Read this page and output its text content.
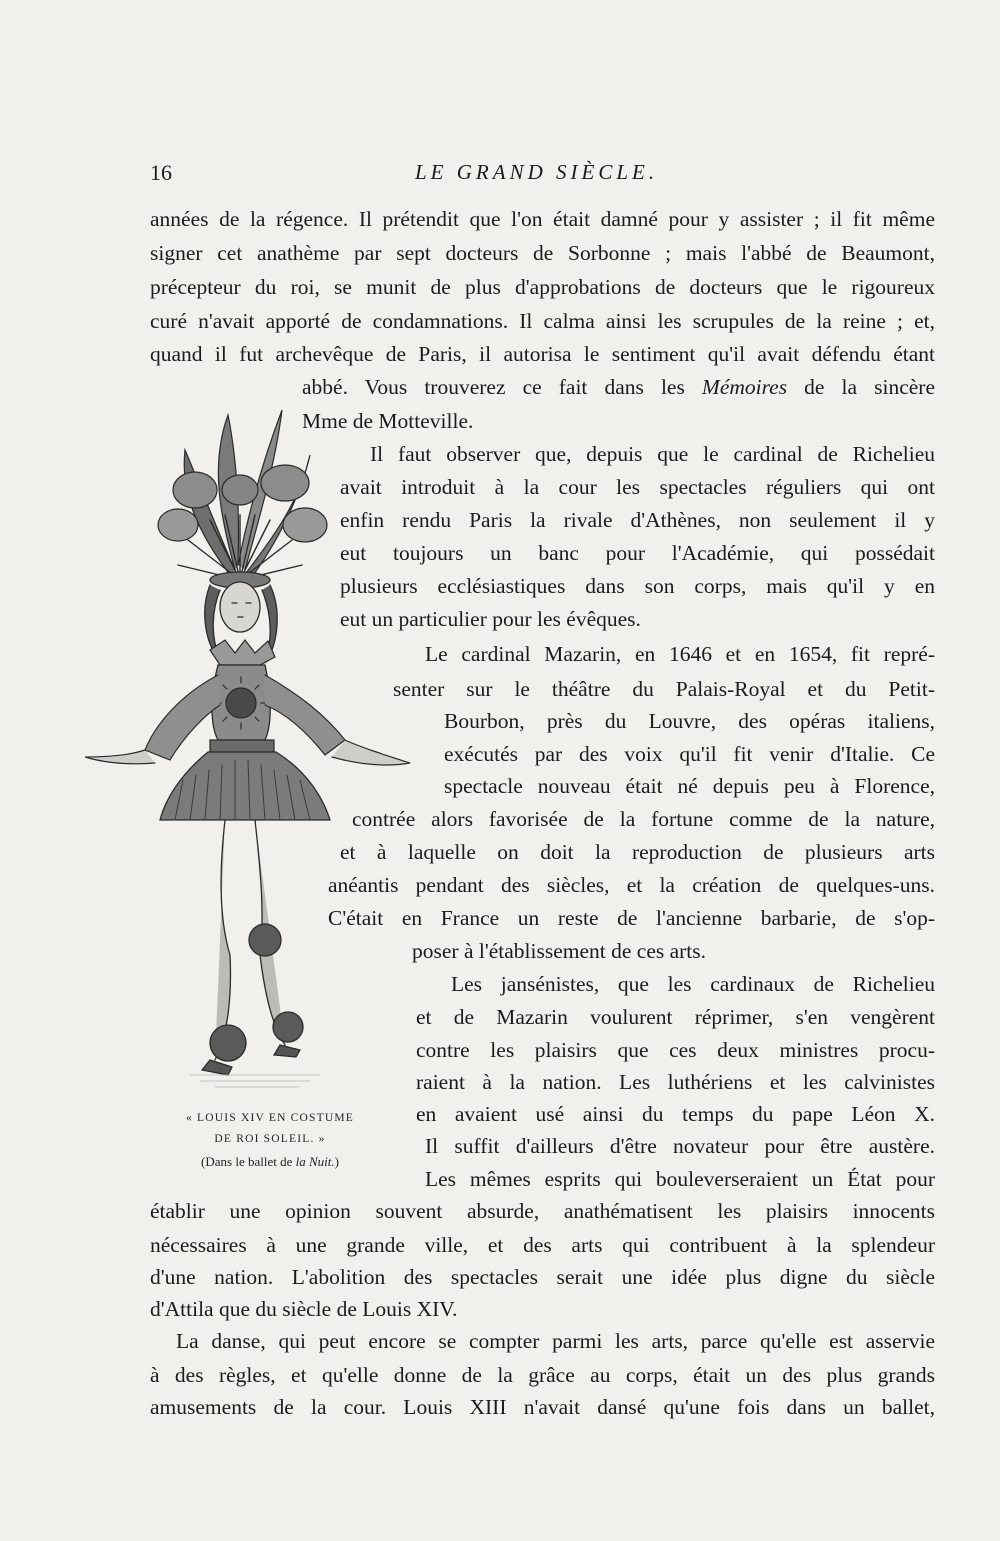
16	LE GRAND SIÈCLE.
années de la régence. Il prétendit que l'on était damné pour y assister ; il fit même
signer cet anathème par sept docteurs de Sorbonne ; mais l'abbé de Beaumont,
précepteur du roi, se munit de plus d'approbations de docteurs que le rigoureux
curé n'avait apporté de condamnations. Il calma ainsi les scrupules de la reine ; et,
quand il fut archevêque de Paris, il autorisa le sentiment qu'il avait défendu étant
abbé. Vous trouverez ce fait dans les Mémoires de la sincère
Mme de Motteville.
Il faut observer que, depuis que le cardinal de Richelieu
avait introduit à la cour les spectacles réguliers qui ont
enfin rendu Paris la rivale d'Athènes, non seulement il y
eut toujours un banc pour l'Académie, qui possédait
plusieurs ecclésiastiques dans son corps, mais qu'il y en
eut un particulier pour les évêques.
Le cardinal Mazarin, en 1646 et en 1654, fit repré-
senter sur le théâtre du Palais-Royal et du Petit-
Bourbon, près du Louvre, des opéras italiens,
exécutés par des voix qu'il fit venir d'Italie. Ce
spectacle nouveau était né depuis peu à Florence,
contrée alors favorisée de la fortune comme de la nature,
et à laquelle on doit la reproduction de plusieurs arts
anéantis pendant des siècles, et la création de quelques-uns.
C'était en France un reste de l'ancienne barbarie, de s'op-
poser à l'établissement de ces arts.
Les jansénistes, que les cardinaux de Richelieu
et de Mazarin voulurent réprimer, s'en vengèrent
contre les plaisirs que ces deux ministres procu-
raient à la nation. Les luthériens et les calvinistes
en avaient usé ainsi du temps du pape Léon X.
Il suffit d'ailleurs d'être novateur pour être austère.
Les mêmes esprits qui bouleverseraient un État pour
établir une opinion souvent absurde, anathématisent les plaisirs innocents
nécessaires à une grande ville, et des arts qui contribuent à la splendeur
d'une nation. L'abolition des spectacles serait une idée plus digne du siècle
d'Attila que du siècle de Louis XIV.
La danse, qui peut encore se compter parmi les arts, parce qu'elle est asservie
à des règles, et qu'elle donne de la grâce au corps, était un des plus grands
amusements de la cour. Louis XIII n'avait dansé qu'une fois dans un ballet,
« LOUIS XIV EN COSTUME
DE ROI SOLEIL. »
(Dans le ballet de la Nuit.)
